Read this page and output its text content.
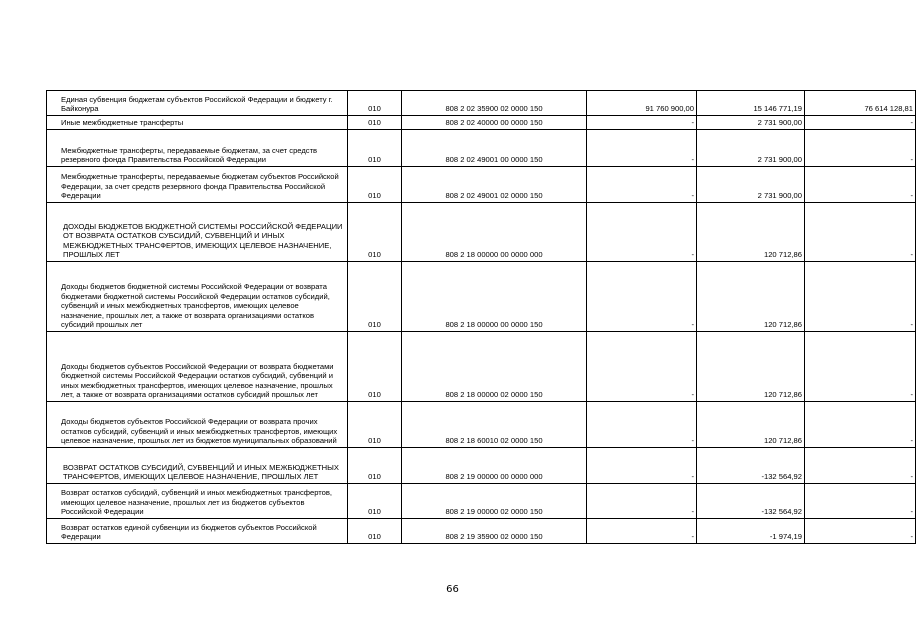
Единая субвенция бюджетам субъектов Российской Федерации и бюджету г. Байконура	010	808 2 02 35900 02 0000 150	91 760 900,00	15 146 771,19	76 614 128,81
Иные межбюджетные трансферты	010	808 2 02 40000 00 0000 150	-	2 731 900,00	-
Межбюджетные трансферты, передаваемые бюджетам, за счет средств резервного фонда Правительства Российской Федерации	010	808 2 02 49001 00 0000 150	-	2 731 900,00	-
Межбюджетные трансферты, передаваемые бюджетам субъектов Российской Федерации, за счет средств резервного фонда Правительства Российской Федерации	010	808 2 02 49001 02 0000 150	-	2 731 900,00	-
ДОХОДЫ БЮДЖЕТОВ БЮДЖЕТНОЙ СИСТЕМЫ РОССИЙСКОЙ ФЕДЕРАЦИИ ОТ ВОЗВРАТА ОСТАТКОВ СУБСИДИЙ, СУБВЕНЦИЙ И ИНЫХ МЕЖБЮДЖЕТНЫХ ТРАНСФЕРТОВ, ИМЕЮЩИХ ЦЕЛЕВОЕ НАЗНАЧЕНИЕ, ПРОШЛЫХ ЛЕТ	010	808 2 18 00000 00 0000 000	-	120 712,86	-
Доходы бюджетов бюджетной системы Российской Федерации от возврата бюджетами бюджетной системы Российской Федерации остатков субсидий, субвенций и иных межбюджетных трансфертов, имеющих целевое назначение, прошлых лет, а также от возврата организациями остатков субсидий прошлых лет	010	808 2 18 00000 00 0000 150	-	120 712,86	-
Доходы бюджетов субъектов Российской Федерации от возврата бюджетами бюджетной системы Российской Федерации остатков субсидий, субвенций и иных межбюджетных трансфертов, имеющих целевое назначение, прошлых лет, а также от возврата организациями остатков субсидий прошлых лет	010	808 2 18 00000 02 0000 150	-	120 712,86	-
Доходы бюджетов субъектов Российской Федерации от возврата прочих остатков субсидий, субвенций и иных межбюджетных трансфертов, имеющих целевое назначение, прошлых лет из бюджетов муниципальных образований	010	808 2 18 60010 02 0000 150	-	120 712,86	-
ВОЗВРАТ ОСТАТКОВ СУБСИДИЙ, СУБВЕНЦИЙ И ИНЫХ МЕЖБЮДЖЕТНЫХ ТРАНСФЕРТОВ, ИМЕЮЩИХ ЦЕЛЕВОЕ НАЗНАЧЕНИЕ, ПРОШЛЫХ ЛЕТ	010	808 2 19 00000 00 0000 000	-	-132 564,92	-
Возврат остатков субсидий, субвенций и иных межбюджетных трансфертов, имеющих целевое назначение, прошлых лет из бюджетов субъектов Российской Федерации	010	808 2 19 00000 02 0000 150	-	-132 564,92	-
Возврат остатков единой субвенции из бюджетов субъектов Российской Федерации	010	808 2 19 35900 02 0000 150	-	-1 974,19	-
66
